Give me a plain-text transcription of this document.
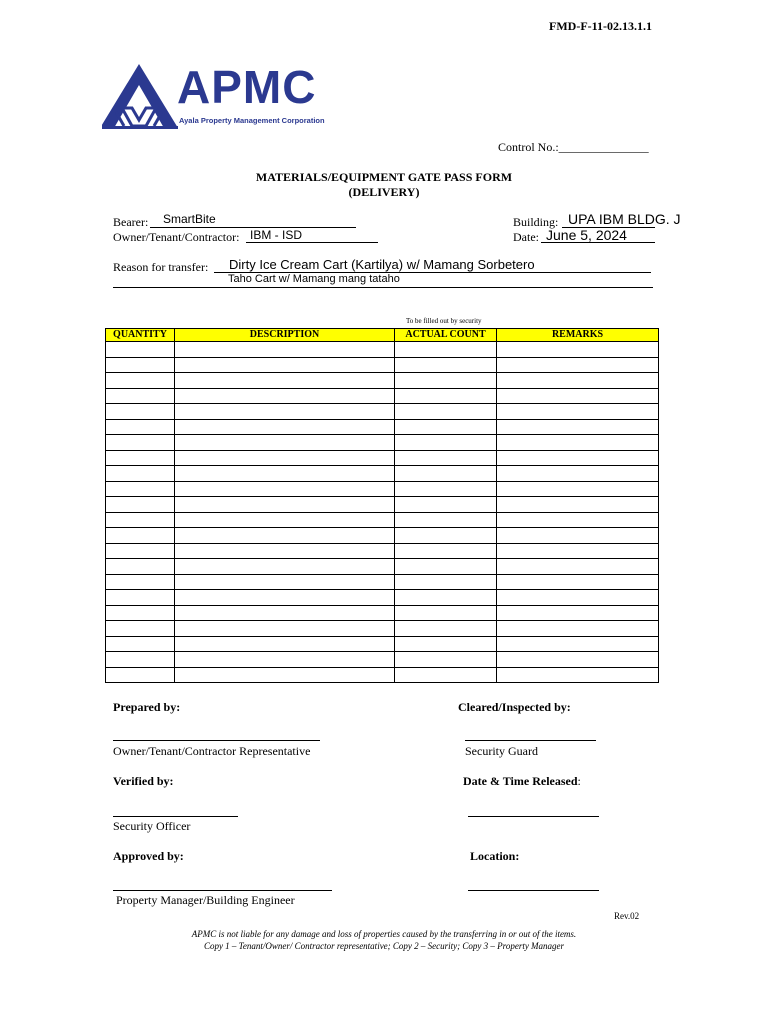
FMD-F-11-02.13.1.1
APMC
Ayala Property Management Corporation
Control No.:_______________
MATERIALS/EQUIPMENT GATE PASS FORM
(DELIVERY)
Bearer: SmartBite
Owner/Tenant/Contractor: IBM - ISD
Building: UPA IBM BLDG. J
Date: June 5, 2024
Reason for transfer: Dirty Ice Cream Cart (Kartilya) w/ Mamang Sorbetero
Taho Cart w/ Mamang mang tataho
To be filled out by security
QUANTITY	DESCRIPTION	ACTUAL COUNT	REMARKS

Prepared by:
Owner/Tenant/Contractor Representative
Cleared/Inspected by:
Security Guard
Verified by:
Security Officer
Date & Time Released:
Approved by:
Property Manager/Building Engineer
Location:
Rev.02
APMC is not liable for any damage and loss of properties caused by the transferring in or out of the items.
Copy 1 – Tenant/Owner/ Contractor representative; Copy 2 – Security; Copy 3 – Property Manager
